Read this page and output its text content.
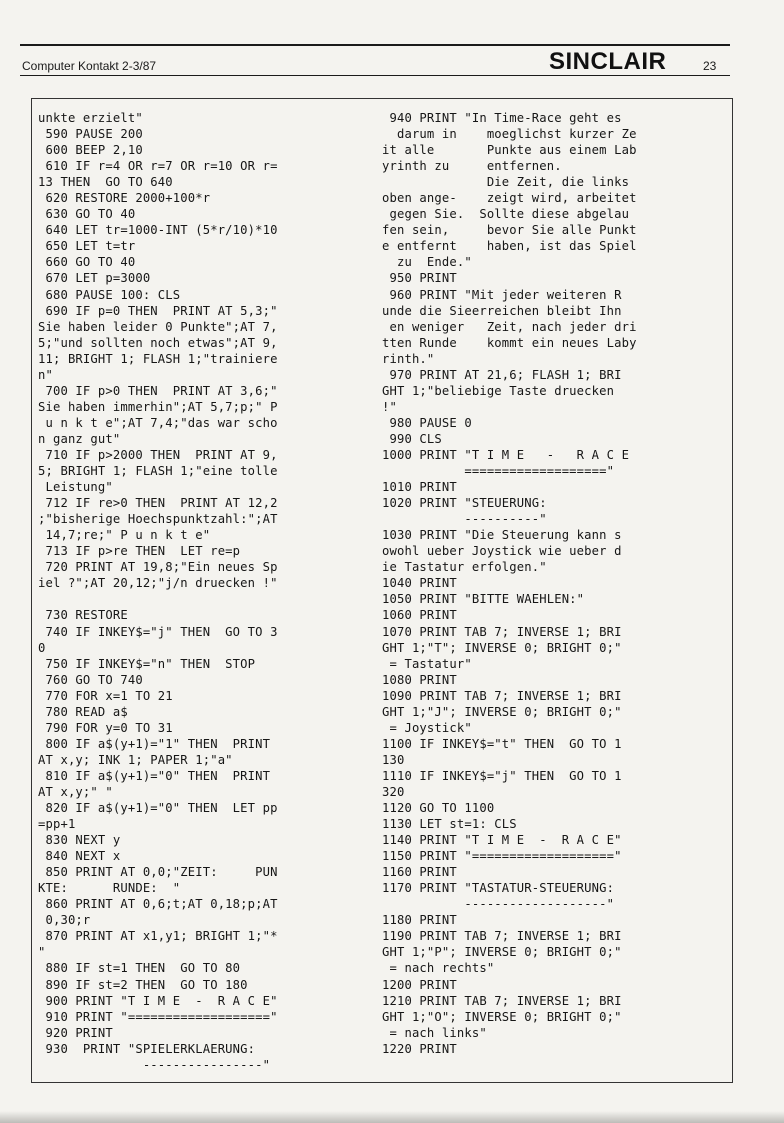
Computer Kontakt 2-3/87	SINCLAIR	23
unkte erzielt"
590 PAUSE 200
600 BEEP 2,10
610 IF r=4 OR r=7 OR r=10 OR r=
13 THEN  GO TO 640
620 RESTORE 2000+100*r
630 GO TO 40
640 LET tr=1000-INT (5*r/10)*10
650 LET t=tr
660 GO TO 40
670 LET p=3000
680 PAUSE 100: CLS
690 IF p=0 THEN  PRINT AT 5,3;"
Sie haben leider 0 Punkte";AT 7,
5;"und sollten noch etwas";AT 9,
11; BRIGHT 1; FLASH 1;"trainiere
n"
700 IF p>0 THEN  PRINT AT 3,6;"
Sie haben immerhin";AT 5,7;p;" P
u n k t e";AT 7,4;"das war scho
n ganz gut"
710 IF p>2000 THEN  PRINT AT 9,
5; BRIGHT 1; FLASH 1;"eine tolle
Leistung"
712 IF re>0 THEN  PRINT AT 12,2
;"bisherige Hoechspunktzahl:";AT
14,7;re;" P u n k t e"
713 IF p>re THEN  LET re=p
720 PRINT AT 19,8;"Ein neues Sp
iel ?";AT 20,12;"j/n druecken !"
730 RESTORE
740 IF INKEY$="j" THEN  GO TO 3
0
750 IF INKEY$="n" THEN  STOP
760 GO TO 740
770 FOR x=1 TO 21
780 READ a$
790 FOR y=0 TO 31
800 IF a$(y+1)="1" THEN  PRINT
AT x,y; INK 1; PAPER 1;"a"
810 IF a$(y+1)="0" THEN  PRINT
AT x,y;" "
820 IF a$(y+1)="0" THEN  LET pp
=pp+1
830 NEXT y
840 NEXT x
850 PRINT AT 0,0;"ZEIT:     PUN
KTE:      RUNDE:  "
860 PRINT AT 0,6;t;AT 0,18;p;AT
0,30;r
870 PRINT AT x1,y1; BRIGHT 1;"*
"
880 IF st=1 THEN  GO TO 80
890 IF st=2 THEN  GO TO 180
900 PRINT "T I M E  -  R A C E"
910 PRINT "==================="
920 PRINT
930  PRINT "SPIELERKLAERUNG:
----------------"
940 PRINT "In Time-Race geht es
darum in    moeglichst kurzer Ze
it alle       Punkte aus einem Lab
yrinth zu     entfernen.
Die Zeit, die links
oben ange-    zeigt wird, arbeitet
gegen Sie.  Sollte diese abgelau
fen sein,     bevor Sie alle Punkt
e entfernt    haben, ist das Spiel
zu  Ende."
950 PRINT
960 PRINT "Mit jeder weiteren R
unde die Sieerreichen bleibt Ihn
en weniger   Zeit, nach jeder dri
tten Runde    kommt ein neues Laby
rinth."
970 PRINT AT 21,6; FLASH 1; BRI
GHT 1;"beliebige Taste druecken
!"
980 PAUSE 0
990 CLS
1000 PRINT "T I M E   -   R A C E
==================="
1010 PRINT
1020 PRINT "STEUERUNG:
----------"
1030 PRINT "Die Steuerung kann s
owohl ueber Joystick wie ueber d
ie Tastatur erfolgen."
1040 PRINT
1050 PRINT "BITTE WAEHLEN:"
1060 PRINT
1070 PRINT TAB 7; INVERSE 1; BRI
GHT 1;"T"; INVERSE 0; BRIGHT 0;"
= Tastatur"
1080 PRINT
1090 PRINT TAB 7; INVERSE 1; BRI
GHT 1;"J"; INVERSE 0; BRIGHT 0;"
= Joystick"
1100 IF INKEY$="t" THEN  GO TO 1
130
1110 IF INKEY$="j" THEN  GO TO 1
320
1120 GO TO 1100
1130 LET st=1: CLS
1140 PRINT "T I M E  -  R A C E"
1150 PRINT "==================="
1160 PRINT
1170 PRINT "TASTATUR-STEUERUNG:
-------------------"
1180 PRINT
1190 PRINT TAB 7; INVERSE 1; BRI
GHT 1;"P"; INVERSE 0; BRIGHT 0;"
= nach rechts"
1200 PRINT
1210 PRINT TAB 7; INVERSE 1; BRI
GHT 1;"O"; INVERSE 0; BRIGHT 0;"
= nach links"
1220 PRINT
